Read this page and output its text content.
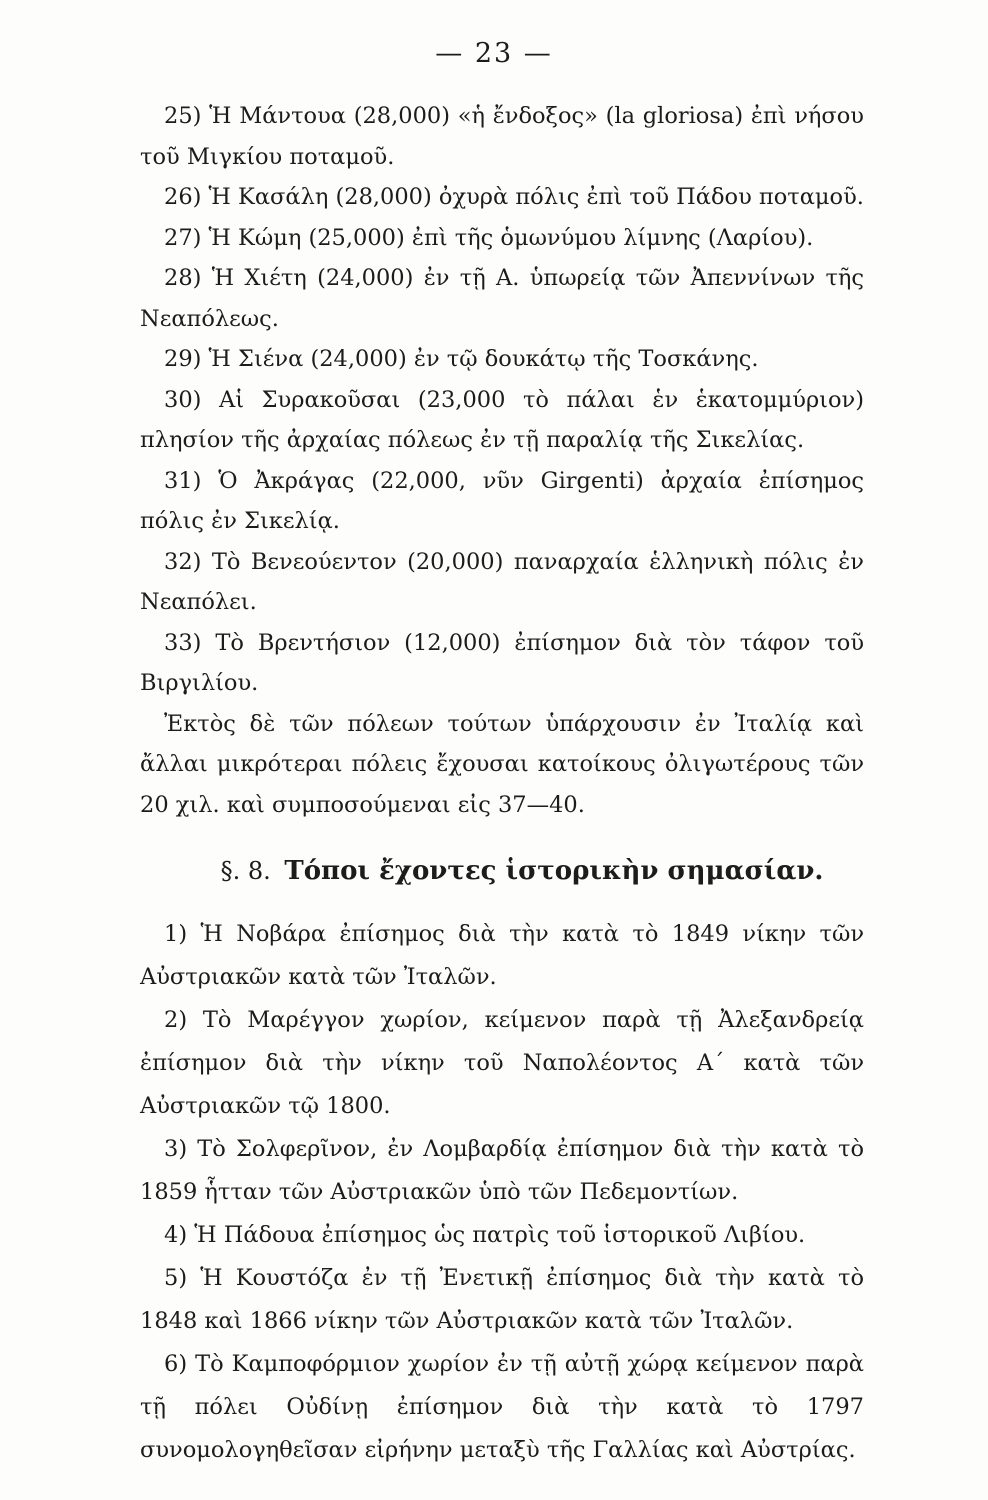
— 23 —

25) Ἡ Μάντουα (28,000) «ἡ ἔνδοξος» (la gloriosa) ἐπὶ νήσου τοῦ Μιγκίου ποταμοῦ.

26) Ἡ Κασάλη (28,000) ὀχυρὰ πόλις ἐπὶ τοῦ Πάδου ποταμοῦ.

27) Ἡ Κώμη (25,000) ἐπὶ τῆς ὁμωνύμου λίμνης (Λαρίου).

28) Ἡ Χιέτη (24,000) ἐν τῇ Α. ὑπωρείᾳ τῶν Ἀπεννίνων τῆς Νεαπόλεως.

29) Ἡ Σιένα (24,000) ἐν τῷ δουκάτῳ τῆς Τοσκάνης.

30) Αἱ Συρακοῦσαι (23,000 τὸ πάλαι ἑν ἑκατομμύριον) πλησίον τῆς ἀρχαίας πόλεως ἐν τῇ παραλίᾳ τῆς Σικελίας.

31) Ὁ Ἀκράγας (22,000, νῦν Girgenti) ἀρχαία ἐπίσημος πόλις ἐν Σικελίᾳ.

32) Τὸ Βενεούεντον (20,000) παναρχαία ἑλληνικὴ πόλις ἐν Νεαπόλει.

33) Τὸ Βρεντήσιον (12,000) ἐπίσημον διὰ τὸν τάφον τοῦ Βιργιλίου.

Ἐκτὸς δὲ τῶν πόλεων τούτων ὑπάρχουσιν ἐν Ἰταλίᾳ καὶ ἄλλαι μικρότεραι πόλεις ἔχουσαι κατοίκους ὀλιγωτέρους τῶν 20 χιλ. καὶ συμποσούμεναι εἰς 37—40.

§. 8. Τόποι ἔχοντες ἱστορικὴν σημασίαν.

1) Ἡ Νοβάρα ἐπίσημος διὰ τὴν κατὰ τὸ 1849 νίκην τῶν Αὐστριακῶν κατὰ τῶν Ἰταλῶν.

2) Τὸ Μαρέγγον χωρίον, κείμενον παρὰ τῇ Ἀλεξανδρείᾳ ἐπίσημον διὰ τὴν νίκην τοῦ Ναπολέοντος Α΄ κατὰ τῶν Αὐστριακῶν τῷ 1800.

3) Τὸ Σολφερῖνον, ἐν Λομβαρδίᾳ ἐπίσημον διὰ τὴν κατὰ τὸ 1859 ἧτταν τῶν Αὐστριακῶν ὑπὸ τῶν Πεδεμοντίων.

4) Ἡ Πάδουα ἐπίσημος ὡς πατρὶς τοῦ ἱστορικοῦ Λιβίου.

5) Ἡ Κουστόζα ἐν τῇ Ἐνετικῇ ἐπίσημος διὰ τὴν κατὰ τὸ 1848 καὶ 1866 νίκην τῶν Αὐστριακῶν κατὰ τῶν Ἰταλῶν.

6) Τὸ Καμποφόρμιον χωρίον ἐν τῇ αὐτῇ χώρᾳ κείμενον παρὰ τῇ πόλει Οὐδίνῃ ἐπίσημον διὰ τὴν κατὰ τὸ 1797 συνομολογηθεῖσαν εἰρήνην μεταξὺ τῆς Γαλλίας καὶ Αὐστρίας.
